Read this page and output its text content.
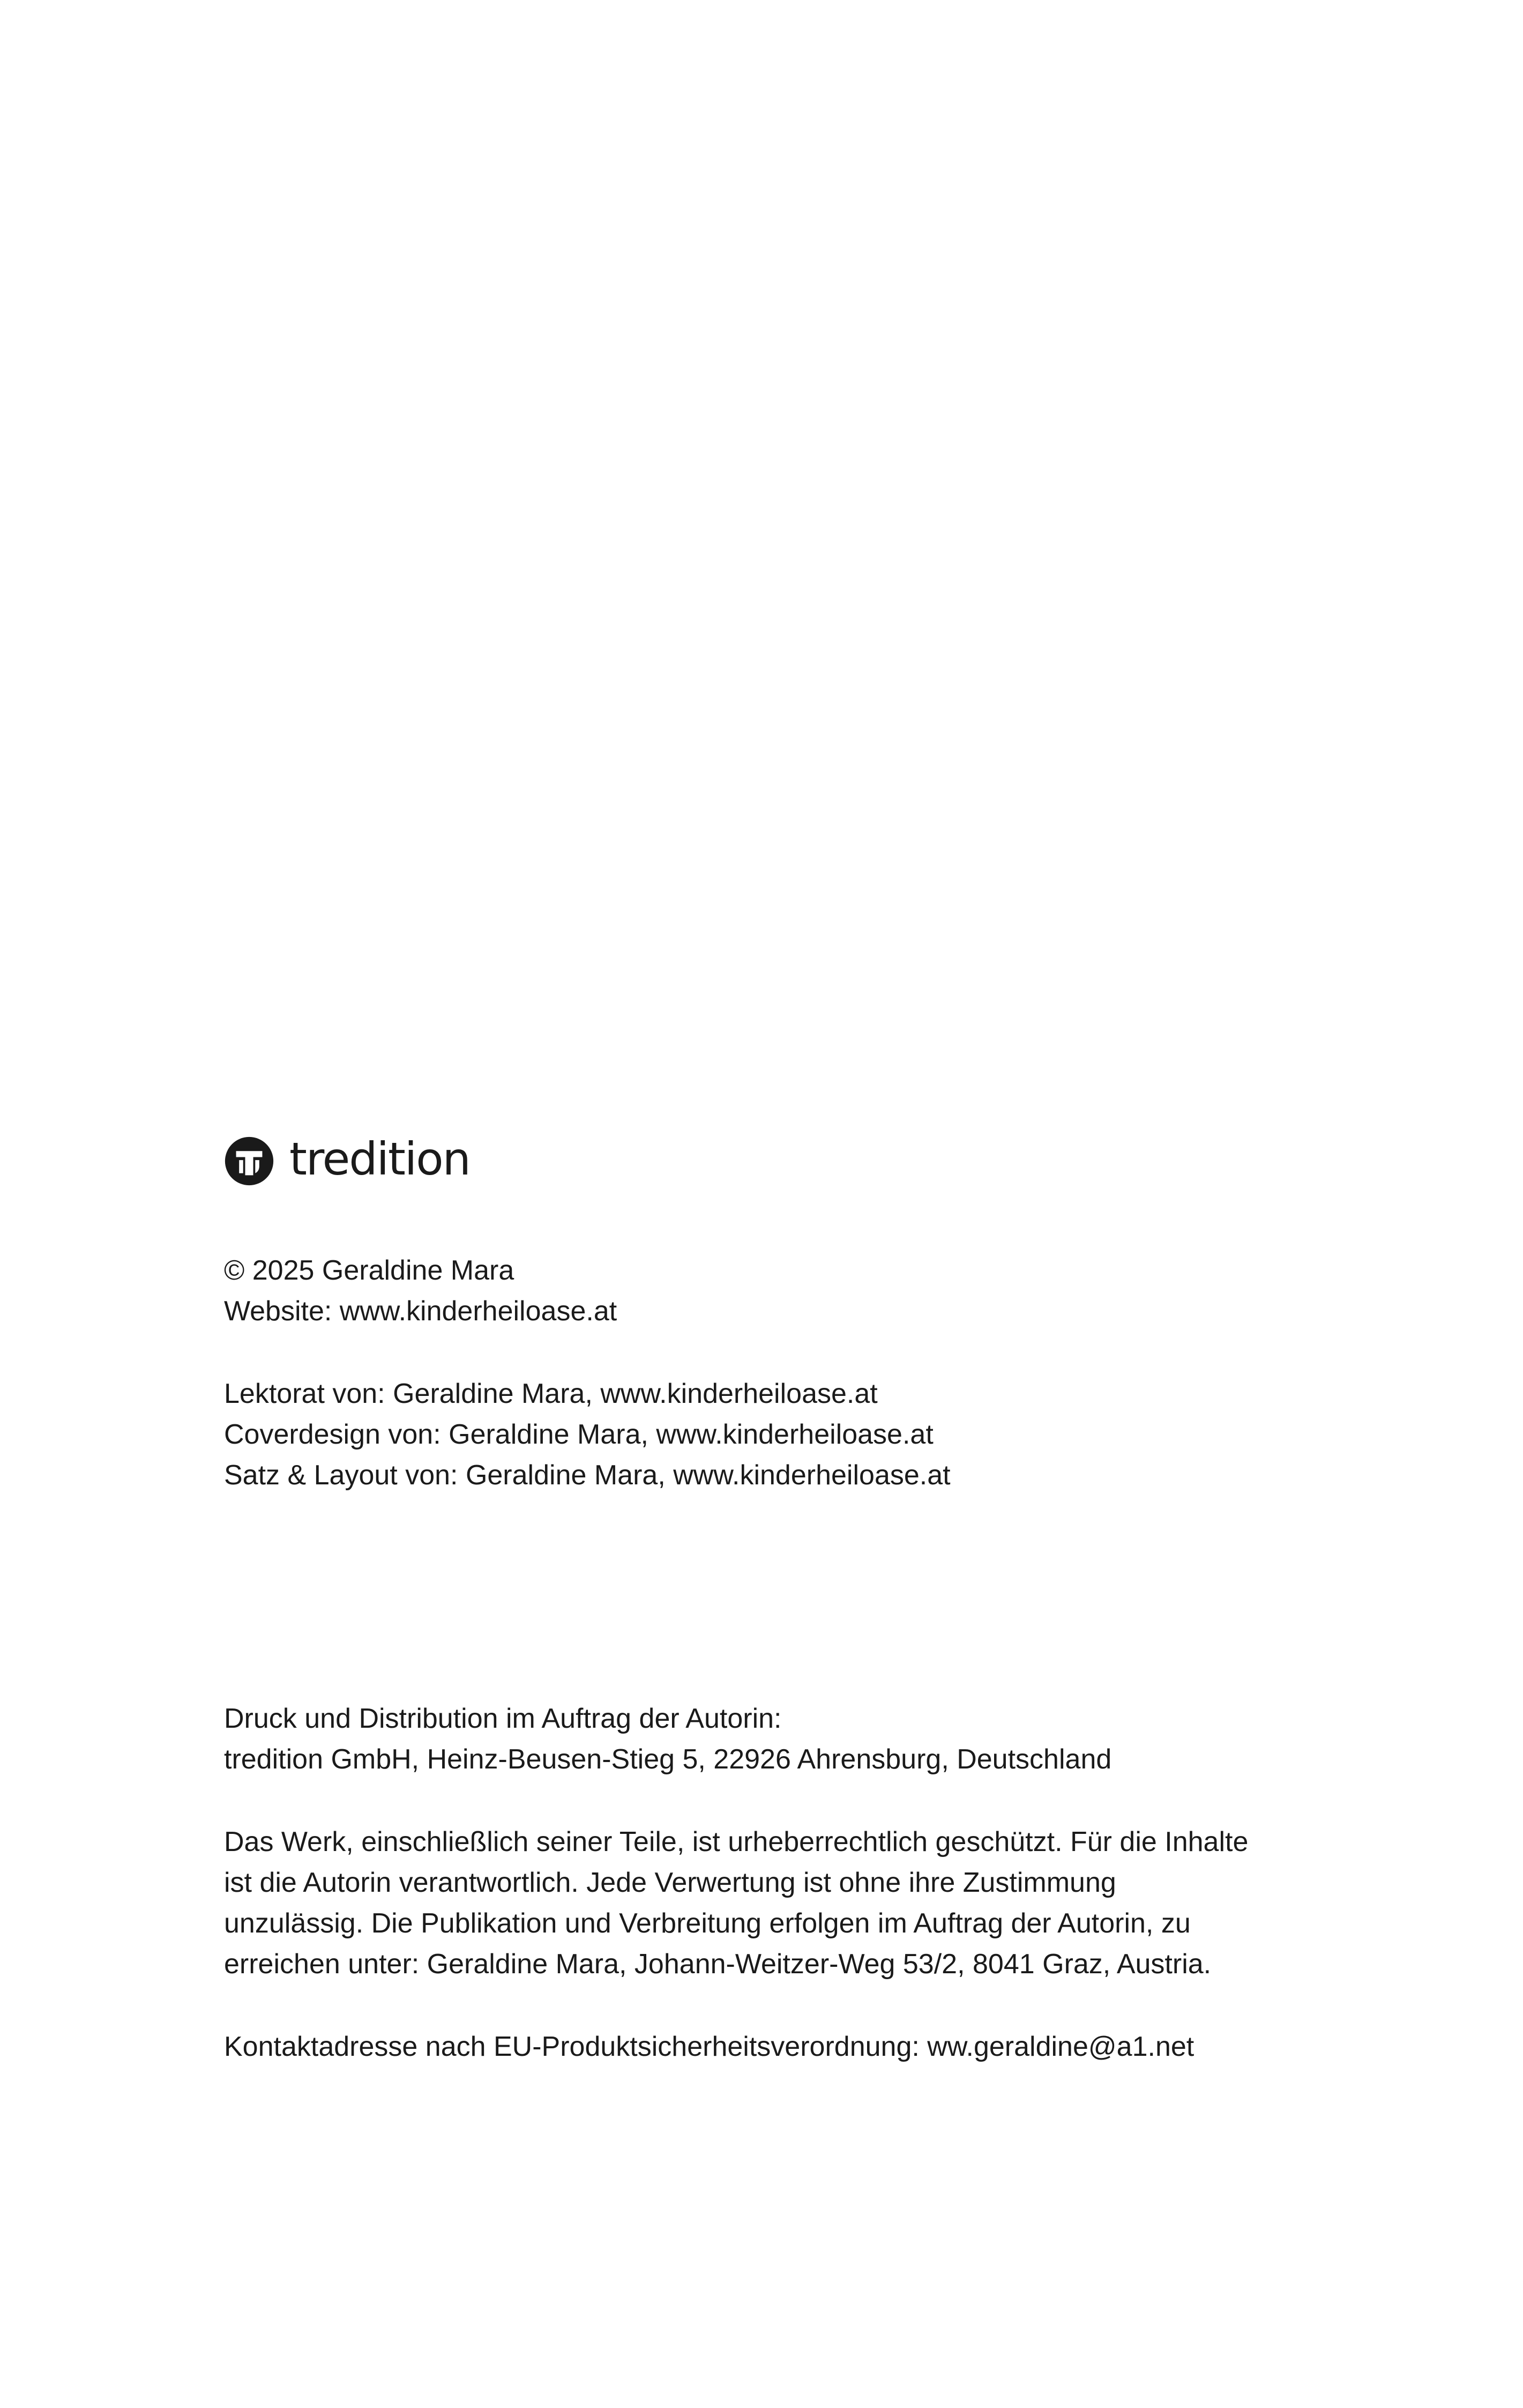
tredition
© 2025 Geraldine Mara
Website: www.kinderheiloase.at
Lektorat von: Geraldine Mara, www.kinderheiloase.at
Coverdesign von: Geraldine Mara, www.kinderheiloase.at
Satz & Layout von: Geraldine Mara, www.kinderheiloase.at
Druck und Distribution im Auftrag der Autorin:
tredition GmbH, Heinz-Beusen-Stieg 5, 22926 Ahrensburg, Deutschland
Das Werk, einschließlich seiner Teile, ist urheberrechtlich geschützt. Für die Inhalte
ist die Autorin verantwortlich. Jede Verwertung ist ohne ihre Zustimmung
unzulässig. Die Publikation und Verbreitung erfolgen im Auftrag der Autorin, zu
erreichen unter: Geraldine Mara, Johann-Weitzer-Weg 53/2, 8041 Graz, Austria.
Kontaktadresse nach EU-Produktsicherheitsverordnung: ww.geraldine@a1.net
